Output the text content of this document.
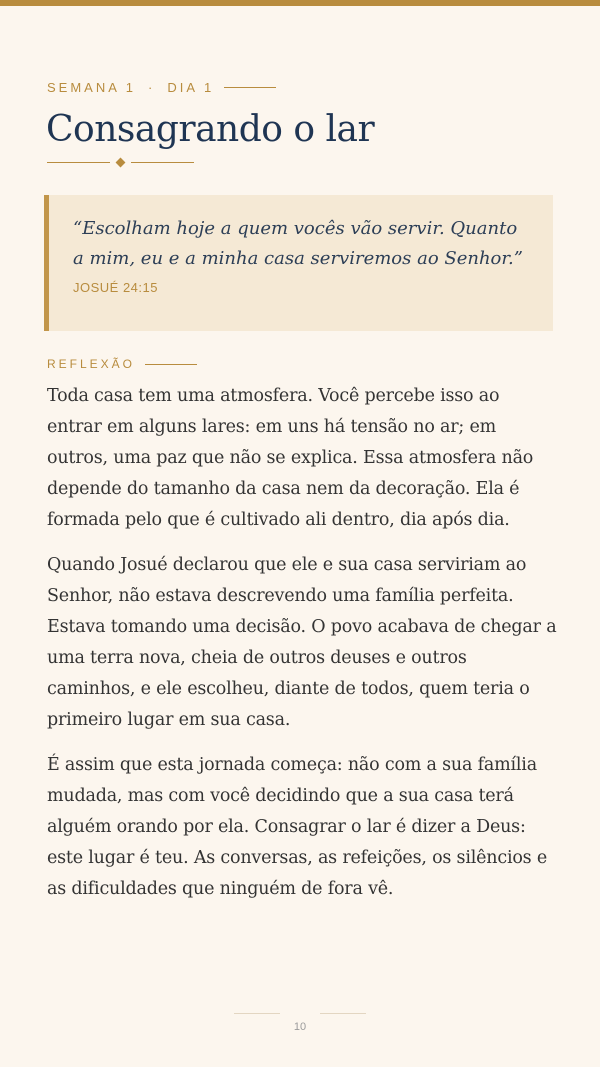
SEMANA 1 · DIA 1
Consagrando o lar

“Escolham hoje a quem vocês vão servir. Quanto a mim, eu e a minha casa serviremos ao Senhor.”

JOSUÉ 24:15
REFLEXÃO

Toda casa tem uma atmosfera. Você percebe isso ao entrar em alguns lares: em uns há tensão no ar; em outros, uma paz que não se explica. Essa atmosfera não depende do tamanho da casa nem da decoração. Ela é formada pelo que é cultivado ali dentro, dia após dia.

Quando Josué declarou que ele e sua casa serviriam ao Senhor, não estava descrevendo uma família perfeita. Estava tomando uma decisão. O povo acabava de chegar a uma terra nova, cheia de outros deuses e outros caminhos, e ele escolheu, diante de todos, quem teria o primeiro lugar em sua casa.

É assim que esta jornada começa: não com a sua família mudada, mas com você decidindo que a sua casa terá alguém orando por ela. Consagrar o lar é dizer a Deus: este lugar é teu. As conversas, as refeições, os silêncios e as dificuldades que ninguém de fora vê.

10
